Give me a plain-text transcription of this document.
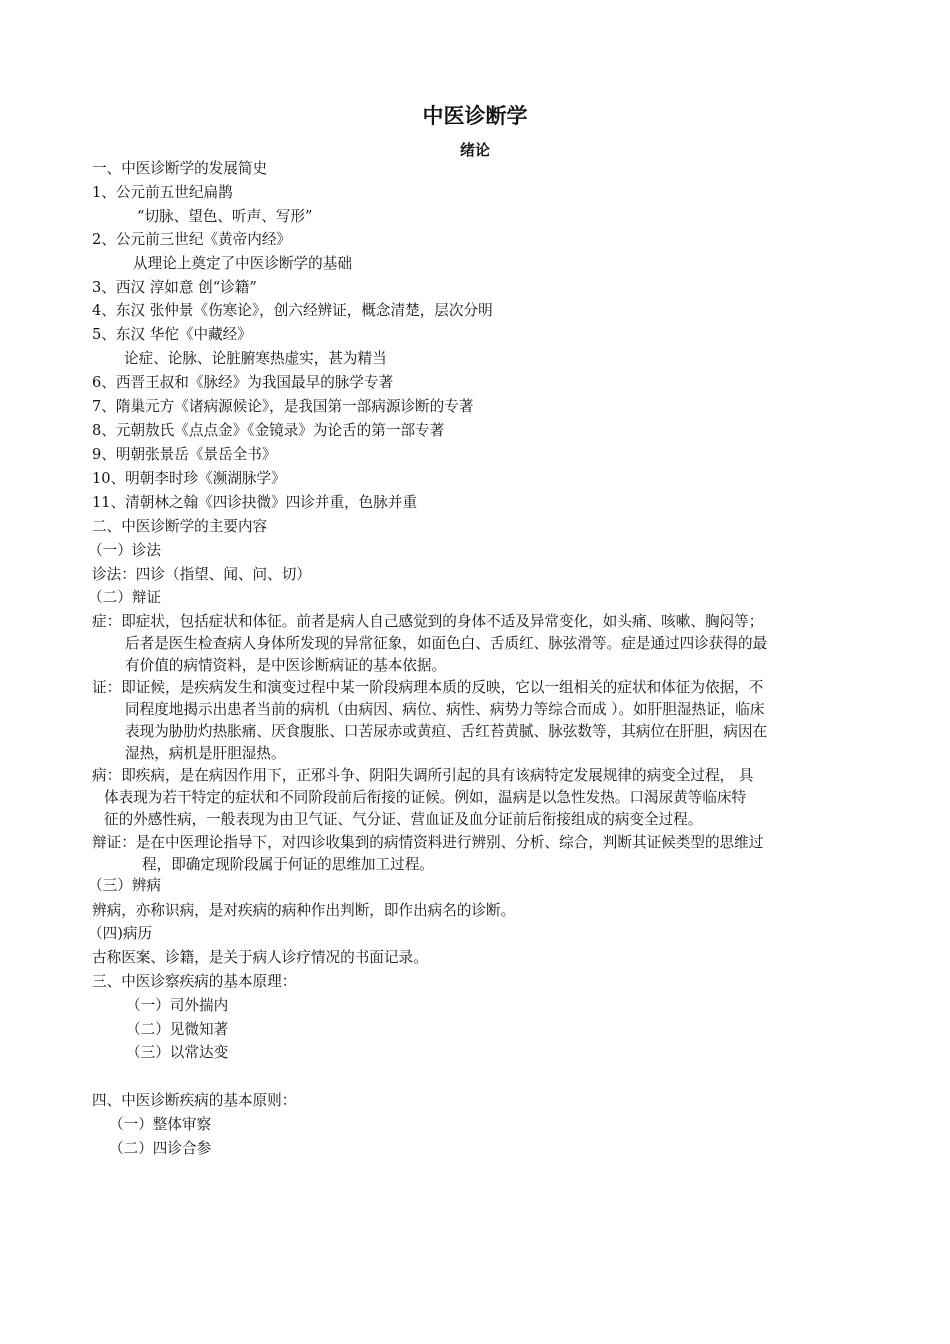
中医诊断学
绪论
一、中医诊断学的发展简史
1、公元前五世纪扁鹊
“切脉、望色、听声、写形”
2、公元前三世纪《黄帝内经》
从理论上奠定了中医诊断学的基础
3、西汉 淳如意 创“诊籍”
4、东汉 张仲景《伤寒论》，创六经辨证，概念清楚，层次分明
5、东汉 华佗《中藏经》
论症、论脉、论脏腑寒热虚实，甚为精当
6、西晋王叔和《脉经》为我国最早的脉学专著
7、隋巢元方《诸病源候论》，是我国第一部病源诊断的专著
8、元朝敖氏《点点金》《金镜录》为论舌的第一部专著
9、明朝张景岳《景岳全书》
10、明朝李时珍《濒湖脉学》
11、清朝林之翰《四诊抉微》四诊并重，色脉并重
二、中医诊断学的主要内容
（一）诊法
诊法：四诊（指望、闻、问、切）
（二）辩证
症：即症状，包括症状和体征。前者是病人自己感觉到的身体不适及异常变化，如头痛、咳嗽、胸闷等；
后者是医生检查病人身体所发现的异常征象，如面色白、舌质红、脉弦滑等。症是通过四诊获得的最
有价值的病情资料，是中医诊断病证的基本依据。
证：即证候，是疾病发生和演变过程中某一阶段病理本质的反映，它以一组相关的症状和体征为依据，不
同程度地揭示出患者当前的病机（由病因、病位、病性、病势力等综合而成 ）。如肝胆湿热证，临床
表现为胁肋灼热胀痛、厌食腹胀、口苦尿赤或黄疸、舌红苔黄腻、脉弦数等，其病位在肝胆，病因在
湿热，病机是肝胆湿热。
病：即疾病，是在病因作用下，正邪斗争、阴阳失调所引起的具有该病特定发展规律的病变全过程， 具
体表现为若干特定的症状和不同阶段前后衔接的证候。例如，温病是以急性发热。口渴尿黄等临床特
征的外感性病，一般表现为由卫气证、气分证、营血证及血分证前后衔接组成的病变全过程。
辩证：是在中医理论指导下，对四诊收集到的病情资料进行辨别、分析、综合，判断其证候类型的思维过
程，即确定现阶段属于何证的思维加工过程。
（三）辨病
辨病，亦称识病，是对疾病的病种作出判断，即作出病名的诊断。
（四)病历
古称医案、诊籍，是关于病人诊疗情况的书面记录。
三、中医诊察疾病的基本原理：
（一）司外揣内
（二）见微知著
（三）以常达变
四、中医诊断疾病的基本原则：
（一）整体审察
（二）四诊合参
